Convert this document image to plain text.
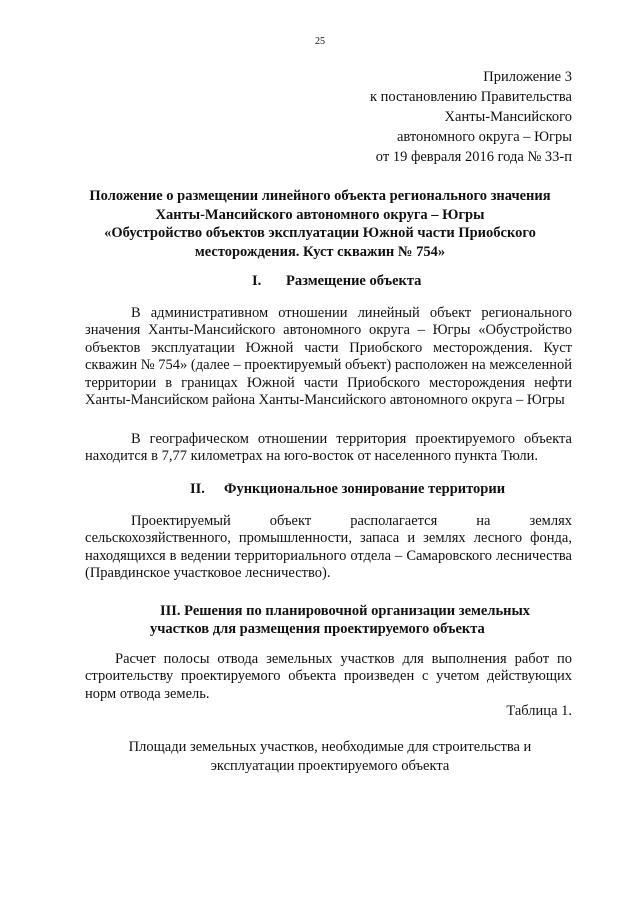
25
Приложение 3
к постановлению Правительства
Ханты-Мансийского
автономного округа – Югры
от 19 февраля 2016 года № 33-п
Положение о размещении линейного объекта регионального значения
Ханты-Мансийского автономного округа – Югры
«Обустройство объектов эксплуатации Южной части Приобского
месторождения. Куст скважин № 754»
I. Размещение объекта
В административном отношении линейный объект регионального значения Ханты-Мансийского автономного округа – Югры «Обустройство объектов эксплуатации Южной части Приобского месторождения. Куст скважин № 754» (далее – проектируемый объект) расположен на межселенной территории в границах Южной части Приобского месторождения нефти Ханты-Мансийском района Ханты-Мансийского автономного округа – Югры
В географическом отношении территория проектируемого объекта находится в 7,77 километрах на юго-восток от населенного пункта Тюли.
II. Функциональное зонирование территории
Проектируемый объект располагается на землях сельскохозяйственного, промышленности, запаса и землях лесного фонда, находящихся в ведении территориального отдела – Самаровского лесничества (Правдинское участковое лесничество).
III. Решения по планировочной организации земельных
участков для размещения проектируемого объекта
Расчет полосы отвода земельных участков для выполнения работ по строительству проектируемого объекта произведен с учетом действующих норм отвода земель.
Таблица 1.
Площади земельных участков, необходимые для строительства и
эксплуатации проектируемого объекта
